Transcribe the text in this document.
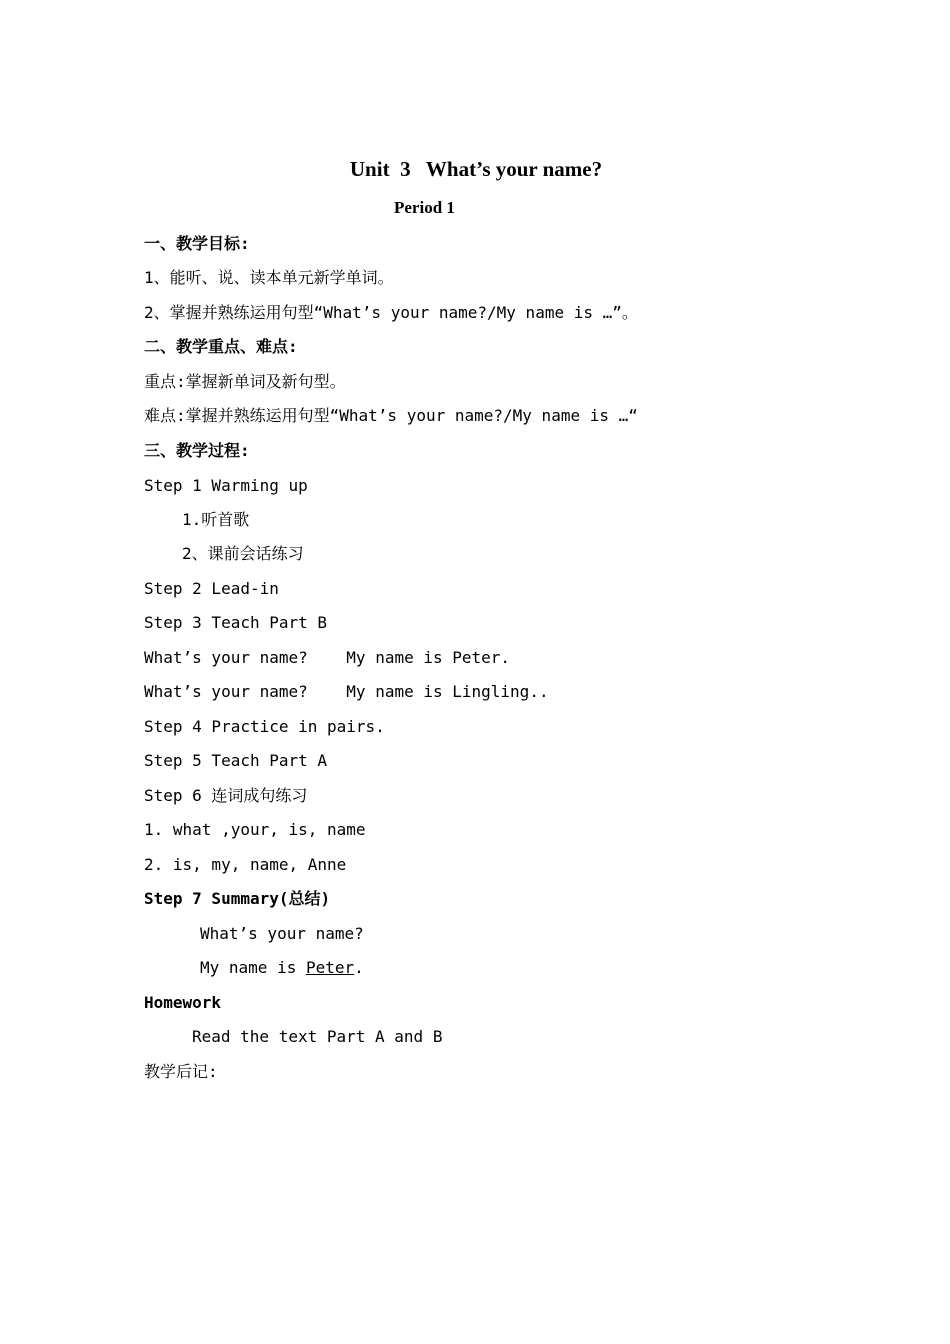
Unit  3   What’s your name?
Period 1
一、教学目标:
1、能听、说、读本单元新学单词。
2、掌握并熟练运用句型“What’s your name?/My name is …”。
二、教学重点、难点:
重点:掌握新单词及新句型。
难点:掌握并熟练运用句型“What’s your name?/My name is …“
三、教学过程:
Step 1 Warming up
1.听首歌
2、课前会话练习
Step 2 Lead-in
Step 3 Teach Part B
What’s your name?    My name is Peter.
What’s your name?    My name is Lingling..
Step 4 Practice in pairs.
Step 5 Teach Part A
Step 6 连词成句练习
1. what ,your, is, name
2. is, my, name, Anne
Step 7 Summary(总结)
What’s your name?
My name is Peter.
Homework
Read the text Part A and B
教学后记:
